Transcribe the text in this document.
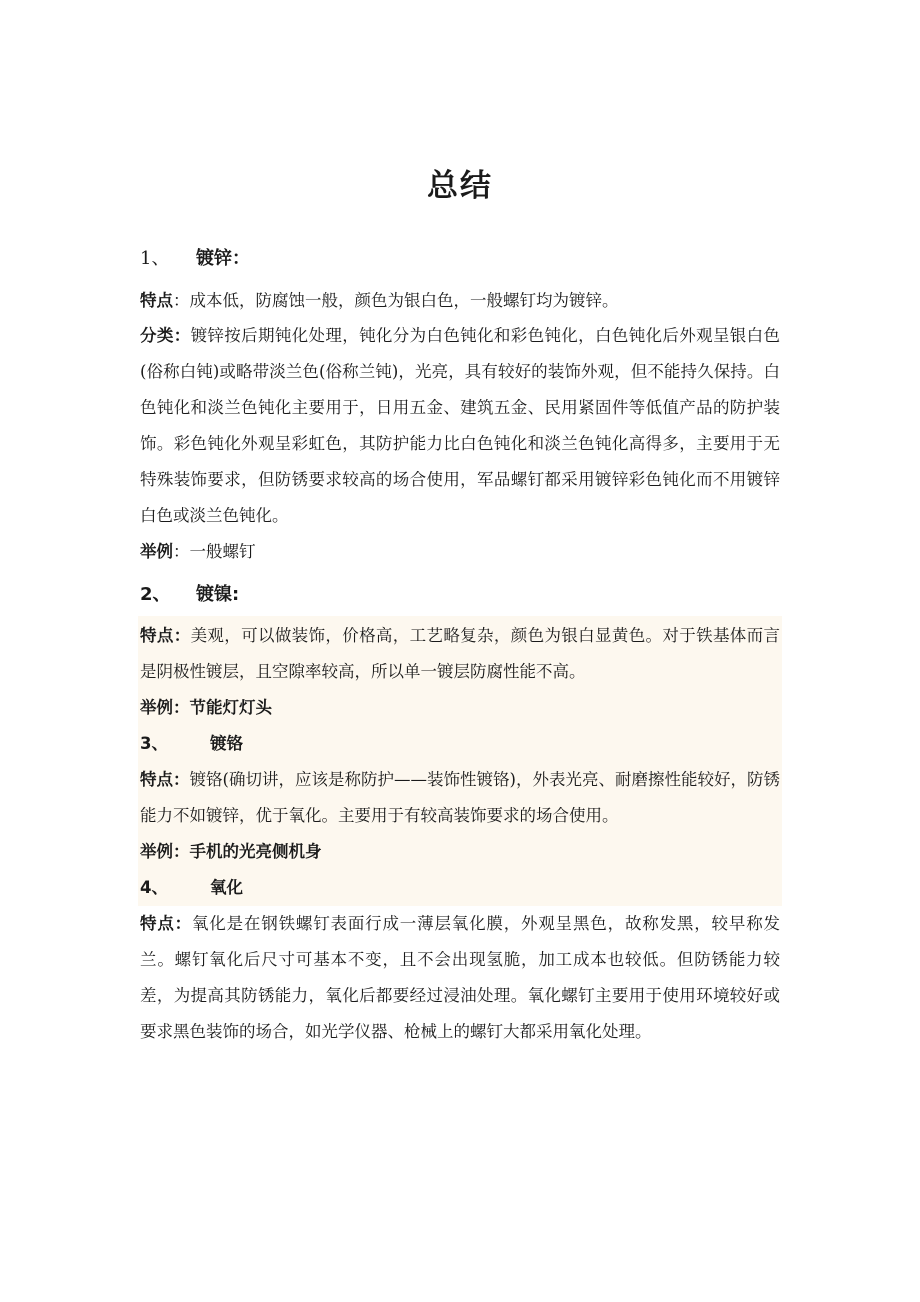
总结
1、 镀锌：
特点：成本低，防腐蚀一般，颜色为银白色，一般螺钉均为镀锌。
分类：镀锌按后期钝化处理，钝化分为白色钝化和彩色钝化，白色钝化后外观呈银白色(俗称白钝)或略带淡兰色(俗称兰钝)，光亮，具有较好的装饰外观，但不能持久保持。白色钝化和淡兰色钝化主要用于，日用五金、建筑五金、民用紧固件等低值产品的防护装饰。彩色钝化外观呈彩虹色，其防护能力比白色钝化和淡兰色钝化高得多，主要用于无特殊装饰要求，但防锈要求较高的场合使用，军品螺钉都采用镀锌彩色钝化而不用镀锌白色或淡兰色钝化。
举例：一般螺钉
2、 镀镍:
特点：美观，可以做装饰，价格高，工艺略复杂，颜色为银白显黄色。对于铁基体而言是阴极性镀层，且空隙率较高，所以单一镀层防腐性能不高。
举例：节能灯灯头
3、	镀铬
特点：镀铬(确切讲，应该是称防护——装饰性镀铬)，外表光亮、耐磨擦性能较好，防锈能力不如镀锌，优于氧化。主要用于有较高装饰要求的场合使用。
举例：手机的光亮侧机身
4、	氧化
特点：氧化是在钢铁螺钉表面行成一薄层氧化膜，外观呈黑色，故称发黑，较早称发兰。螺钉氧化后尺寸可基本不变，且不会出现氢脆，加工成本也较低。但防锈能力较差，为提高其防锈能力，氧化后都要经过浸油处理。氧化螺钉主要用于使用环境较好或要求黑色装饰的场合，如光学仪器、枪械上的螺钉大都采用氧化处理。
